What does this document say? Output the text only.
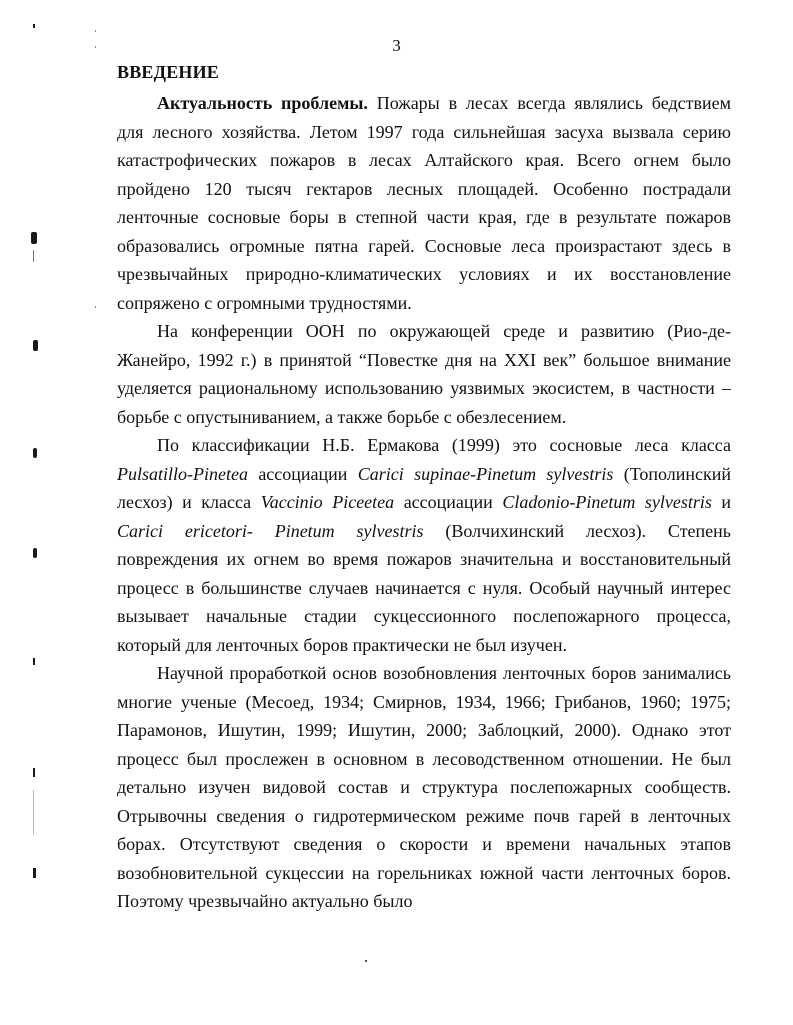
3
ВВЕДЕНИЕ

Актуальность проблемы. Пожары в лесах всегда являлись бедствием для лесного хозяйства. Летом 1997 года сильнейшая засуха вызвала серию катастрофических пожаров в лесах Алтайского края. Всего огнем было пройдено 120 тысяч гектаров лесных площадей. Особенно пострадали ленточные сосновые боры в степной части края, где в результате пожаров образовались огромные пятна гарей. Сосновые леса произрастают здесь в чрезвычайных природно-климатических условиях и их восстановление сопряжено с огромными трудностями.

На конференции ООН по окружающей среде и развитию (Рио-де-Жанейро, 1992 г.) в принятой “Повестке дня на XXI век” большое внимание уделяется рациональному использованию уязвимых экосистем, в частности – борьбе с опустыниванием, а также борьбе с обезлесением.

По классификации Н.Б. Ермакова (1999) это сосновые леса класса Pulsatillo-Pinetea ассоциации Carici supinae-Pinetum sylvestris (Тополинский лесхоз) и класса Vaccinio Piceetea ассоциации Cladonio-Pinetum sylvestris и Carici ericetori- Pinetum sylvestris (Волчихинский лесхоз). Степень повреждения их огнем во время пожаров значительна и восстановительный процесс в большинстве случаев начинается с нуля. Особый научный интерес вызывает начальные стадии сукцессионного послепожарного процесса, который для ленточных боров практически не был изучен.

Научной проработкой основ возобновления ленточных боров занимались многие ученые (Месоед, 1934; Смирнов, 1934, 1966; Грибанов, 1960; 1975; Парамонов, Ишутин, 1999; Ишутин, 2000; Заблоцкий, 2000). Однако этот процесс был прослежен в основном в лесоводственном отношении. Не был детально изучен видовой состав и структура послепожарных сообществ. Отрывочны сведения о гидротермическом режиме почв гарей в ленточных борах. Отсутствуют сведения о скорости и времени начальных этапов возобновительной сукцессии на горельниках южной части ленточных боров. Поэтому чрезвычайно актуально было
